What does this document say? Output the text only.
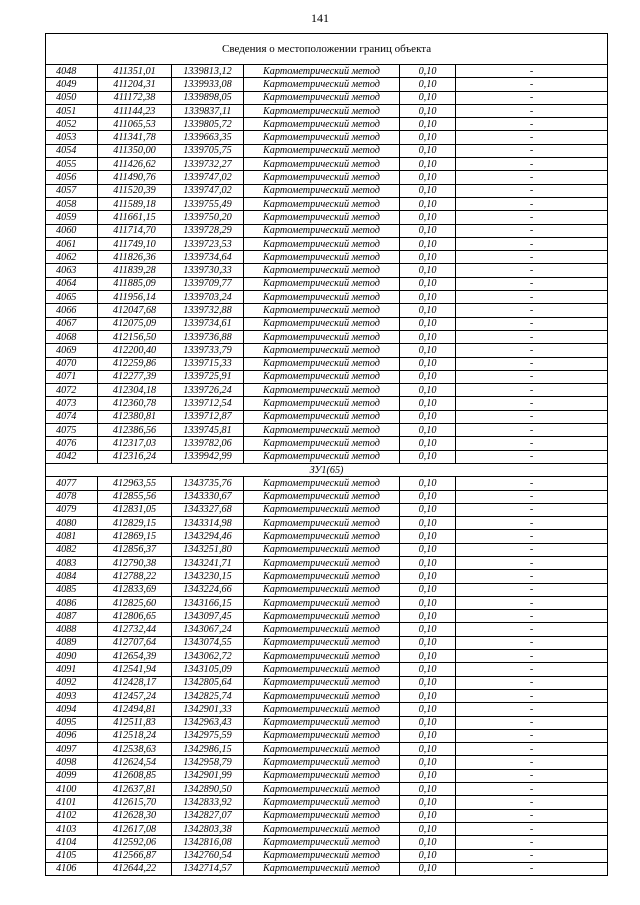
141
Сведения о местоположении границ объекта					
4048	411351,01	1339813,12	Картометрический метод	0,10	-
4049	411204,31	1339933,08	Картометрический метод	0,10	-
4050	411172,38	1339898,05	Картометрический метод	0,10	-
4051	411144,23	1339837,11	Картометрический метод	0,10	-
4052	411065,53	1339805,72	Картометрический метод	0,10	-
4053	411341,78	1339663,35	Картометрический метод	0,10	-
4054	411350,00	1339705,75	Картометрический метод	0,10	-
4055	411426,62	1339732,27	Картометрический метод	0,10	-
4056	411490,76	1339747,02	Картометрический метод	0,10	-
4057	411520,39	1339747,02	Картометрический метод	0,10	-
4058	411589,18	1339755,49	Картометрический метод	0,10	-
4059	411661,15	1339750,20	Картометрический метод	0,10	-
4060	411714,70	1339728,29	Картометрический метод	0,10	-
4061	411749,10	1339723,53	Картометрический метод	0,10	-
4062	411826,36	1339734,64	Картометрический метод	0,10	-
4063	411839,28	1339730,33	Картометрический метод	0,10	-
4064	411885,09	1339709,77	Картометрический метод	0,10	-
4065	411956,14	1339703,24	Картометрический метод	0,10	-
4066	412047,68	1339732,88	Картометрический метод	0,10	-
4067	412075,09	1339734,61	Картометрический метод	0,10	-
4068	412156,50	1339736,88	Картометрический метод	0,10	-
4069	412200,40	1339733,79	Картометрический метод	0,10	-
4070	412259,86	1339715,33	Картометрический метод	0,10	-
4071	412277,39	1339725,91	Картометрический метод	0,10	-
4072	412304,18	1339726,24	Картометрический метод	0,10	-
4073	412360,78	1339712,54	Картометрический метод	0,10	-
4074	412380,81	1339712,87	Картометрический метод	0,10	-
4075	412386,56	1339745,81	Картометрический метод	0,10	-
4076	412317,03	1339782,06	Картометрический метод	0,10	-
4042	412316,24	1339942,99	Картометрический метод	0,10	-
ЗУ1(65)					
4077	412963,55	1343735,76	Картометрический метод	0,10	-
4078	412855,56	1343330,67	Картометрический метод	0,10	-
4079	412831,05	1343327,68	Картометрический метод	0,10	-
4080	412829,15	1343314,98	Картометрический метод	0,10	-
4081	412869,15	1343294,46	Картометрический метод	0,10	-
4082	412856,37	1343251,80	Картометрический метод	0,10	-
4083	412790,38	1343241,71	Картометрический метод	0,10	-
4084	412788,22	1343230,15	Картометрический метод	0,10	-
4085	412833,69	1343224,66	Картометрический метод	0,10	-
4086	412825,60	1343166,15	Картометрический метод	0,10	-
4087	412806,65	1343097,45	Картометрический метод	0,10	-
4088	412732,44	1343067,24	Картометрический метод	0,10	-
4089	412707,64	1343074,55	Картометрический метод	0,10	-
4090	412654,39	1343062,72	Картометрический метод	0,10	-
4091	412541,94	1343105,09	Картометрический метод	0,10	-
4092	412428,17	1342805,64	Картометрический метод	0,10	-
4093	412457,24	1342825,74	Картометрический метод	0,10	-
4094	412494,81	1342901,33	Картометрический метод	0,10	-
4095	412511,83	1342963,43	Картометрический метод	0,10	-
4096	412518,24	1342975,59	Картометрический метод	0,10	-
4097	412538,63	1342986,15	Картометрический метод	0,10	-
4098	412624,54	1342958,79	Картометрический метод	0,10	-
4099	412608,85	1342901,99	Картометрический метод	0,10	-
4100	412637,81	1342890,50	Картометрический метод	0,10	-
4101	412615,70	1342833,92	Картометрический метод	0,10	-
4102	412628,30	1342827,07	Картометрический метод	0,10	-
4103	412617,08	1342803,38	Картометрический метод	0,10	-
4104	412592,06	1342816,08	Картометрический метод	0,10	-
4105	412566,87	1342760,54	Картометрический метод	0,10	-
4106	412644,22	1342714,57	Картометрический метод	0,10	-
